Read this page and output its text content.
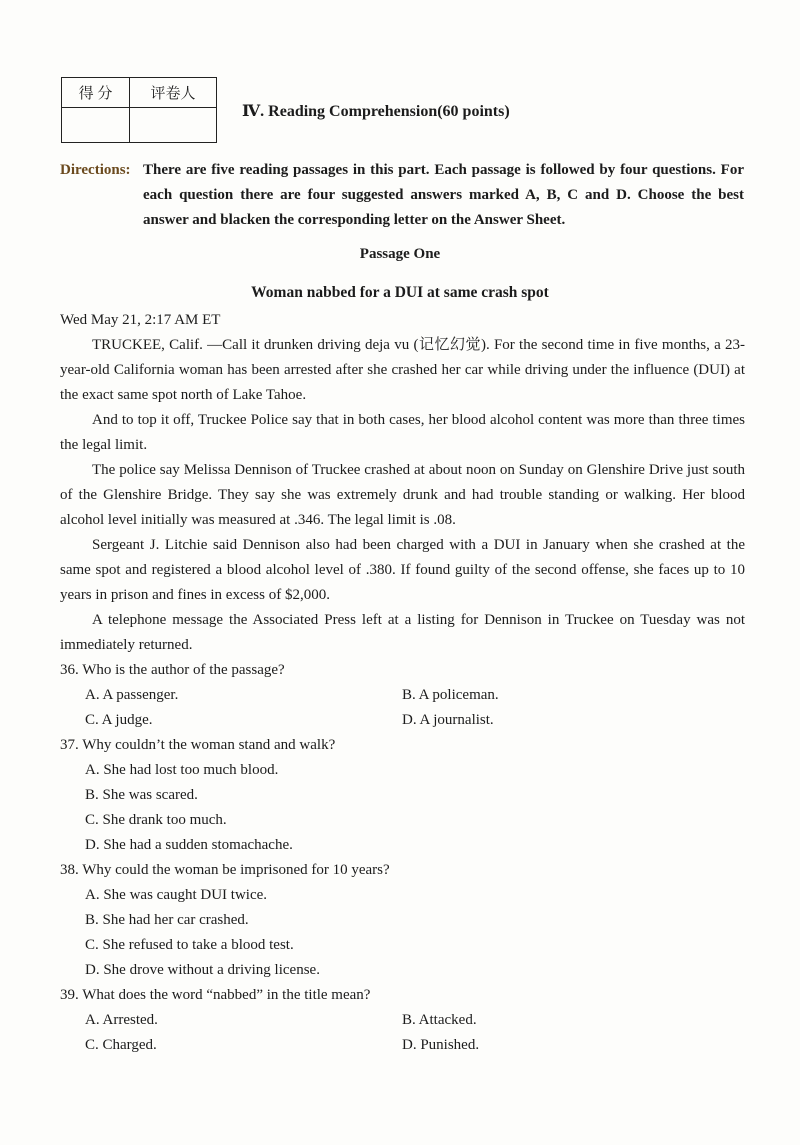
得 分	评卷人

Ⅳ. Reading Comprehension(60 points)
Directions: There are five reading passages in this part. Each passage is followed by four questions. For each question there are four suggested answers marked A, B, C and D. Choose the best answer and blacken the corresponding letter on the Answer Sheet.
Passage One
Woman nabbed for a DUI at same crash spot

Wed May 21, 2:17 AM ET

TRUCKEE, Calif. —Call it drunken driving deja vu (记忆幻觉). For the second time in five months, a 23-year-old California woman has been arrested after she crashed her car while driving under the influence (DUI) at the exact same spot north of Lake Tahoe.

And to top it off, Truckee Police say that in both cases, her blood alcohol content was more than three times the legal limit.

The police say Melissa Dennison of Truckee crashed at about noon on Sunday on Glenshire Drive just south of the Glenshire Bridge. They say she was extremely drunk and had trouble standing or walking. Her blood alcohol level initially was measured at .346. The legal limit is .08.

Sergeant J. Litchie said Dennison also had been charged with a DUI in January when she crashed at the same spot and registered a blood alcohol level of .380. If found guilty of the second offense, she faces up to 10 years in prison and fines in excess of $2,000.

A telephone message the Associated Press left at a listing for Dennison in Truckee on Tuesday was not immediately returned.

36. Who is the author of the passage?

A. A passenger.	B. A policeman.

C. A judge.	D. A journalist.

37. Why couldn’t the woman stand and walk?

A. She had lost too much blood.

B. She was scared.

C. She drank too much.

D. She had a sudden stomachache.

38. Why could the woman be imprisoned for 10 years?

A. She was caught DUI twice.

B. She had her car crashed.

C. She refused to take a blood test.

D. She drove without a driving license.

39. What does the word “nabbed” in the title mean?

A. Arrested.	B. Attacked.

C. Charged.	D. Punished.
